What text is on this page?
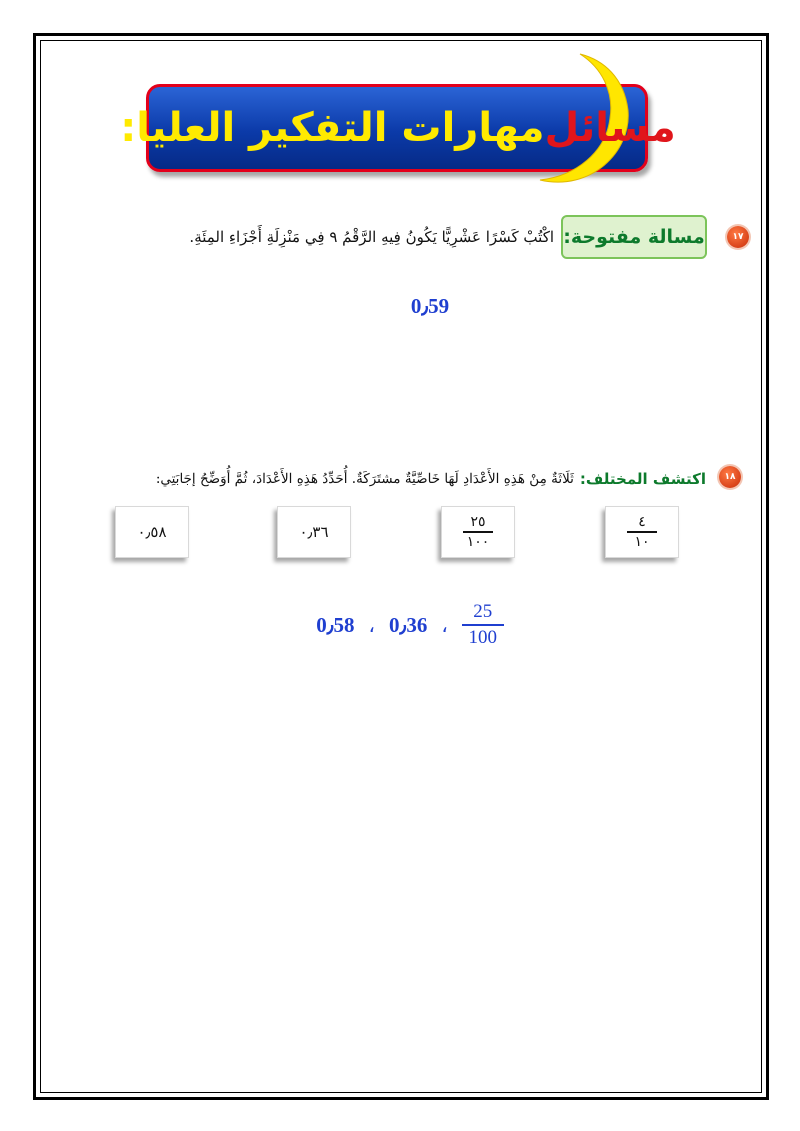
مسائل
مهارات التفكير العليا:
١٧
مسالة مفتوحة:
اكْتُبْ كَسْرًا عَشْرِيًّا يَكُونُ فِيهِ الرَّقْمُ ٩ فِي مَنْزِلَةِ أَجْزَاءِ المِئَةِ.
0٫59
١٨
اكتشف المختلف:
ثَلَاثَةٌ مِنْ هَذِهِ الأَعْدَادِ لَهَا خَاصِّيَّةٌ مشتَرَكَةٌ. أُحَدِّدُ هَذِهِ الأَعْدَادَ، ثُمَّ أُوَضِّحُ إجَابَتِي:
$\frac{٤}{١٠}$
$\frac{٢٥}{١٠٠}$
٠٫٣٦
٠٫٥٨
25
100
،
0٫36
،
0٫58
